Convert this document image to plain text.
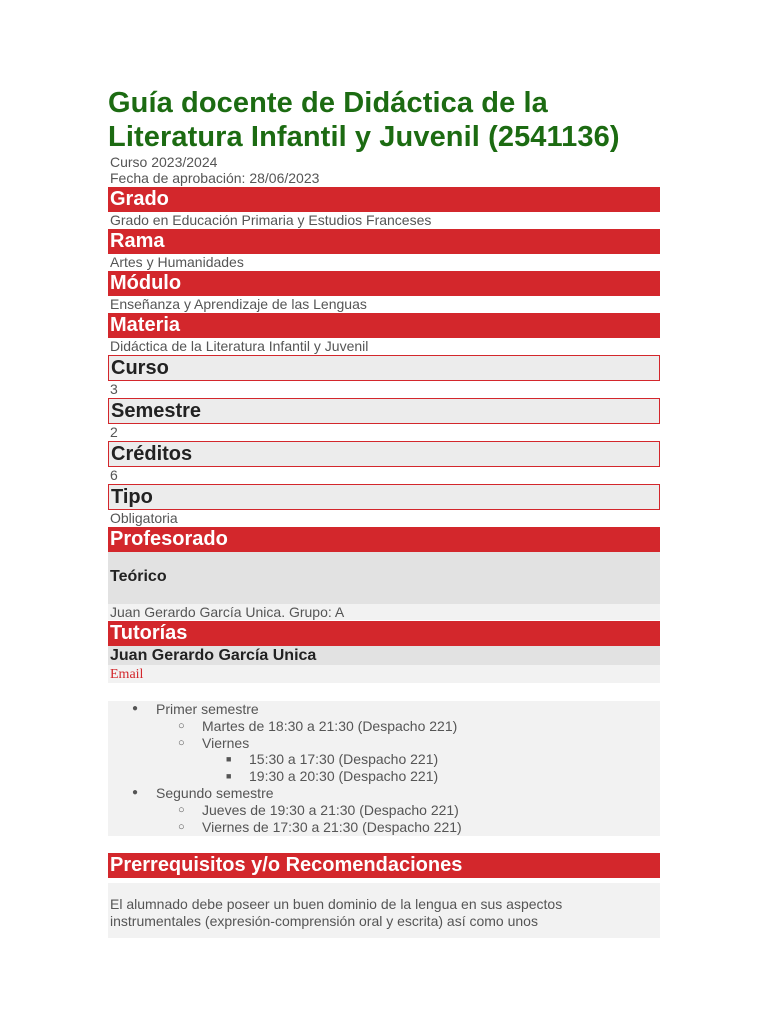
Guía docente de Didáctica de la
Literatura Infantil y Juvenil (2541136)
Curso 2023/2024
Fecha de aprobación: 28/06/2023
Grado
Grado en Educación Primaria y Estudios Franceses
Rama
Artes y Humanidades
Módulo
Enseñanza y Aprendizaje de las Lenguas
Materia
Didáctica de la Literatura Infantil y Juvenil
Curso
3
Semestre
2
Créditos
6
Tipo
Obligatoria
Profesorado
Teórico
Juan Gerardo García Unica. Grupo: A
Tutorías
Juan Gerardo García Unica
Email
● Primer semestre
○ Martes de 18:30 a 21:30 (Despacho 221)
○ Viernes
■ 15:30 a 17:30 (Despacho 221)
■ 19:30 a 20:30 (Despacho 221)
● Segundo semestre
○ Jueves de 19:30 a 21:30 (Despacho 221)
○ Viernes de 17:30 a 21:30 (Despacho 221)
Prerrequisitos y/o Recomendaciones
El alumnado debe poseer un buen dominio de la lengua en sus aspectos
instrumentales (expresión-comprensión oral y escrita) así como unos
